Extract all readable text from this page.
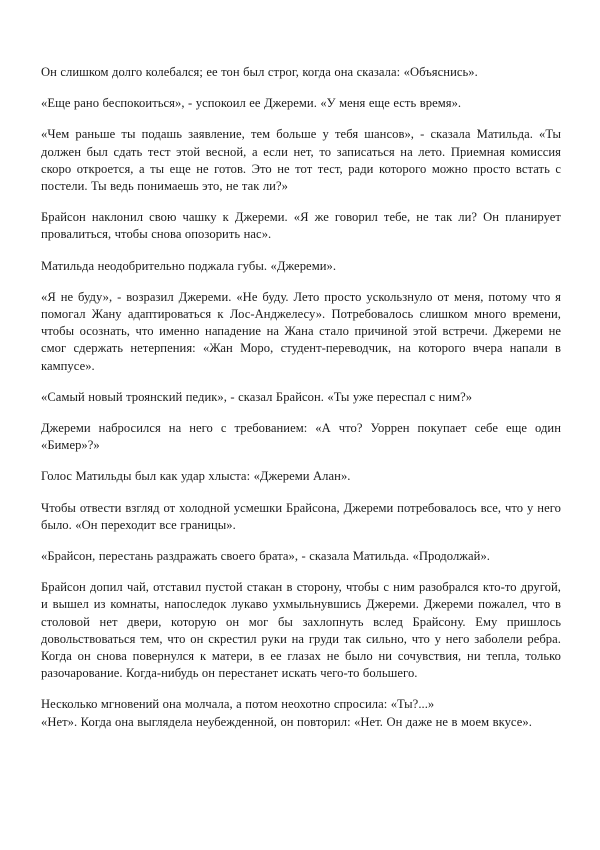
Он слишком долго колебался; ее тон был строг, когда она сказала: «Объяснись».

«Еще рано беспокоиться», - успокоил ее Джереми. «У меня еще есть время».

«Чем раньше ты подашь заявление, тем больше у тебя шансов», - сказала Матильда. «Ты должен был сдать тест этой весной, а если нет, то записаться на лето. Приемная комиссия скоро откроется, а ты еще не готов. Это не тот тест, ради которого можно просто встать с постели. Ты ведь понимаешь это, не так ли?»

Брайсон наклонил свою чашку к Джереми. «Я же говорил тебе, не так ли? Он планирует провалиться, чтобы снова опозорить нас».

Матильда неодобрительно поджала губы. «Джереми».

«Я не буду», - возразил Джереми. «Не буду. Лето просто ускользнуло от меня, потому что я помогал Жану адаптироваться к Лос-Анджелесу». Потребовалось слишком много времени, чтобы осознать, что именно нападение на Жана стало причиной этой встречи. Джереми не смог сдержать нетерпения: «Жан Моро, студент-переводчик, на которого вчера напали в кампусе».

«Самый новый троянский педик», - сказал Брайсон. «Ты уже переспал с ним?»

Джереми набросился на него с требованием: «А что? Уоррен покупает себе еще один «Бимер»?»

Голос Матильды был как удар хлыста: «Джереми Алан».

Чтобы отвести взгляд от холодной усмешки Брайсона, Джереми потребовалось все, что у него было. «Он переходит все границы».

«Брайсон, перестань раздражать своего брата», - сказала Матильда. «Продолжай».

Брайсон допил чай, отставил пустой стакан в сторону, чтобы с ним разобрался кто-то другой, и вышел из комнаты, напоследок лукаво ухмыльнувшись Джереми. Джереми пожалел, что в столовой нет двери, которую он мог бы захлопнуть вслед Брайсону. Ему пришлось довольствоваться тем, что он скрестил руки на груди так сильно, что у него заболели ребра. Когда он снова повернулся к матери, в ее глазах не было ни сочувствия, ни тепла, только разочарование. Когда-нибудь он перестанет искать чего-то большего.

Несколько мгновений она молчала, а потом неохотно спросила: «Ты?...»
«Нет». Когда она выглядела неубежденной, он повторил: «Нет. Он даже не в моем вкусе».
